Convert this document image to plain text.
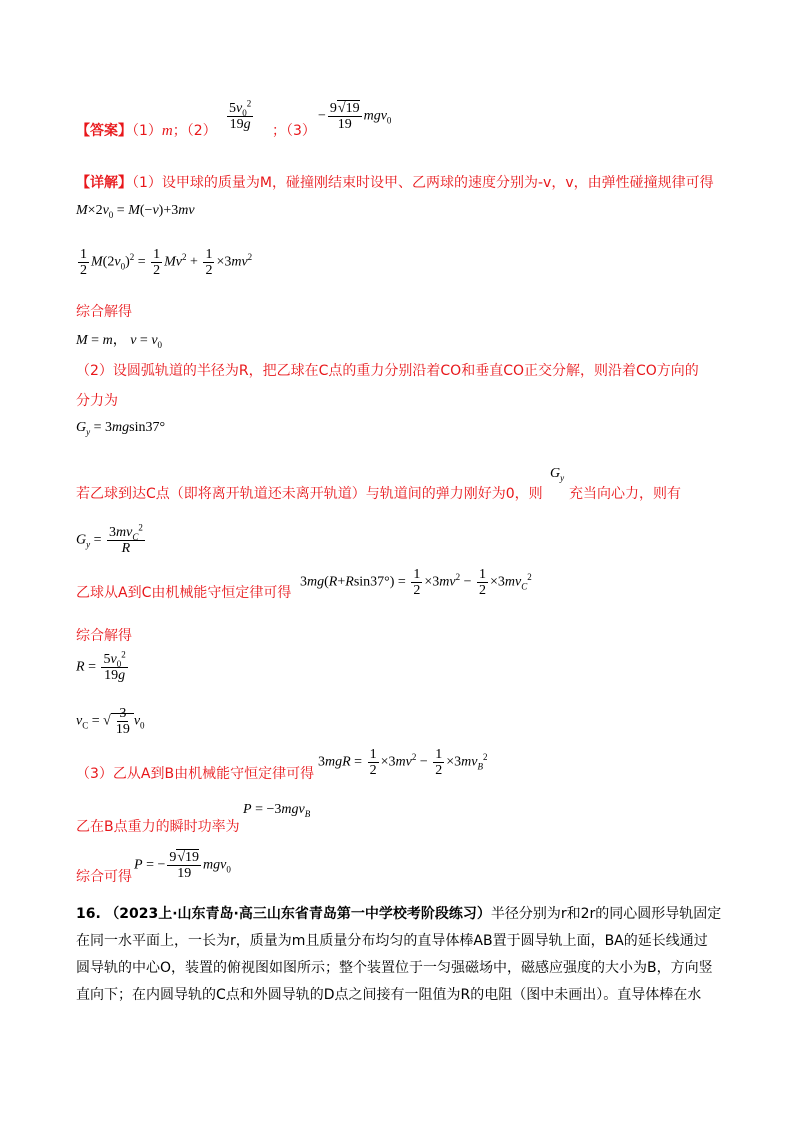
【答案】（1）m；$(2) \frac{5v_0^2}{19g}$ ；（3）
− $\frac{9√19}{19} mgv_0$
【详解】（1）设甲球的质量为M，碰撞刚结束时设甲、乙两球的速度分别为-v，v，由弹性碰撞规律可得
$M\times 2v_0 = M(-v)+3mv$
$\frac{1}{2} M(2v_0)^2 = \frac{1}{2} Mv^2 + \frac{1}{2} \times 3mv^2$
综合解得
M = m， $v = v_0$
（2）设圆弧轨道的半径为R，把乙球在C点的重力分别沿着CO和垂直CO正交分解，则沿着CO方向的
分力为
$G_y = 3mgsin37^\circ$
若乙球到达C点（即将离开轨道还未离开轨道）与轨道间的弹力刚好为0，则
$G_y$
充当向心力，则有
$G_y = \frac{3mv_C^2}{R}$
乙球从A到C由机械能守恒定律可得
$3mg(R+Rsin37^\circ) = \frac{1}{2} \times 3mv^2 - \frac{1}{2} \times 3mv_C^2$
综合解得
$R = \frac{5v_0^2}{19g}$
$v_C$ = √ $\frac{3}{19} v_0$
（3）乙从A到B由机械能守恒定律可得
$3mgR = \frac{1}{2} \times 3mv^2 - \frac{1}{2} \times 3mv_B^2$
乙在B点重力的瞬时功率为
P = −3mgv$_B$
综合可得
P = − $\frac{9√19}{19} mgv_0$
16. （2023上·山东青岛·高三山东省青岛第一中学校考阶段练习）半径分别为r和2r的同心圆形导轨固定
在同一水平面上，一长为r，质量为m且质量分布均匀的直导体棒AB置于圆导轨上面，BA的延长线通过
圆导轨的中心O，装置的俯视图如图所示；整个装置位于一匀强磁场中，磁感应强度的大小为B，方向竖
直向下；在内圆导轨的C点和外圆导轨的D点之间接有一阻值为R的电阻（图中未画出）。直导体棒在水
